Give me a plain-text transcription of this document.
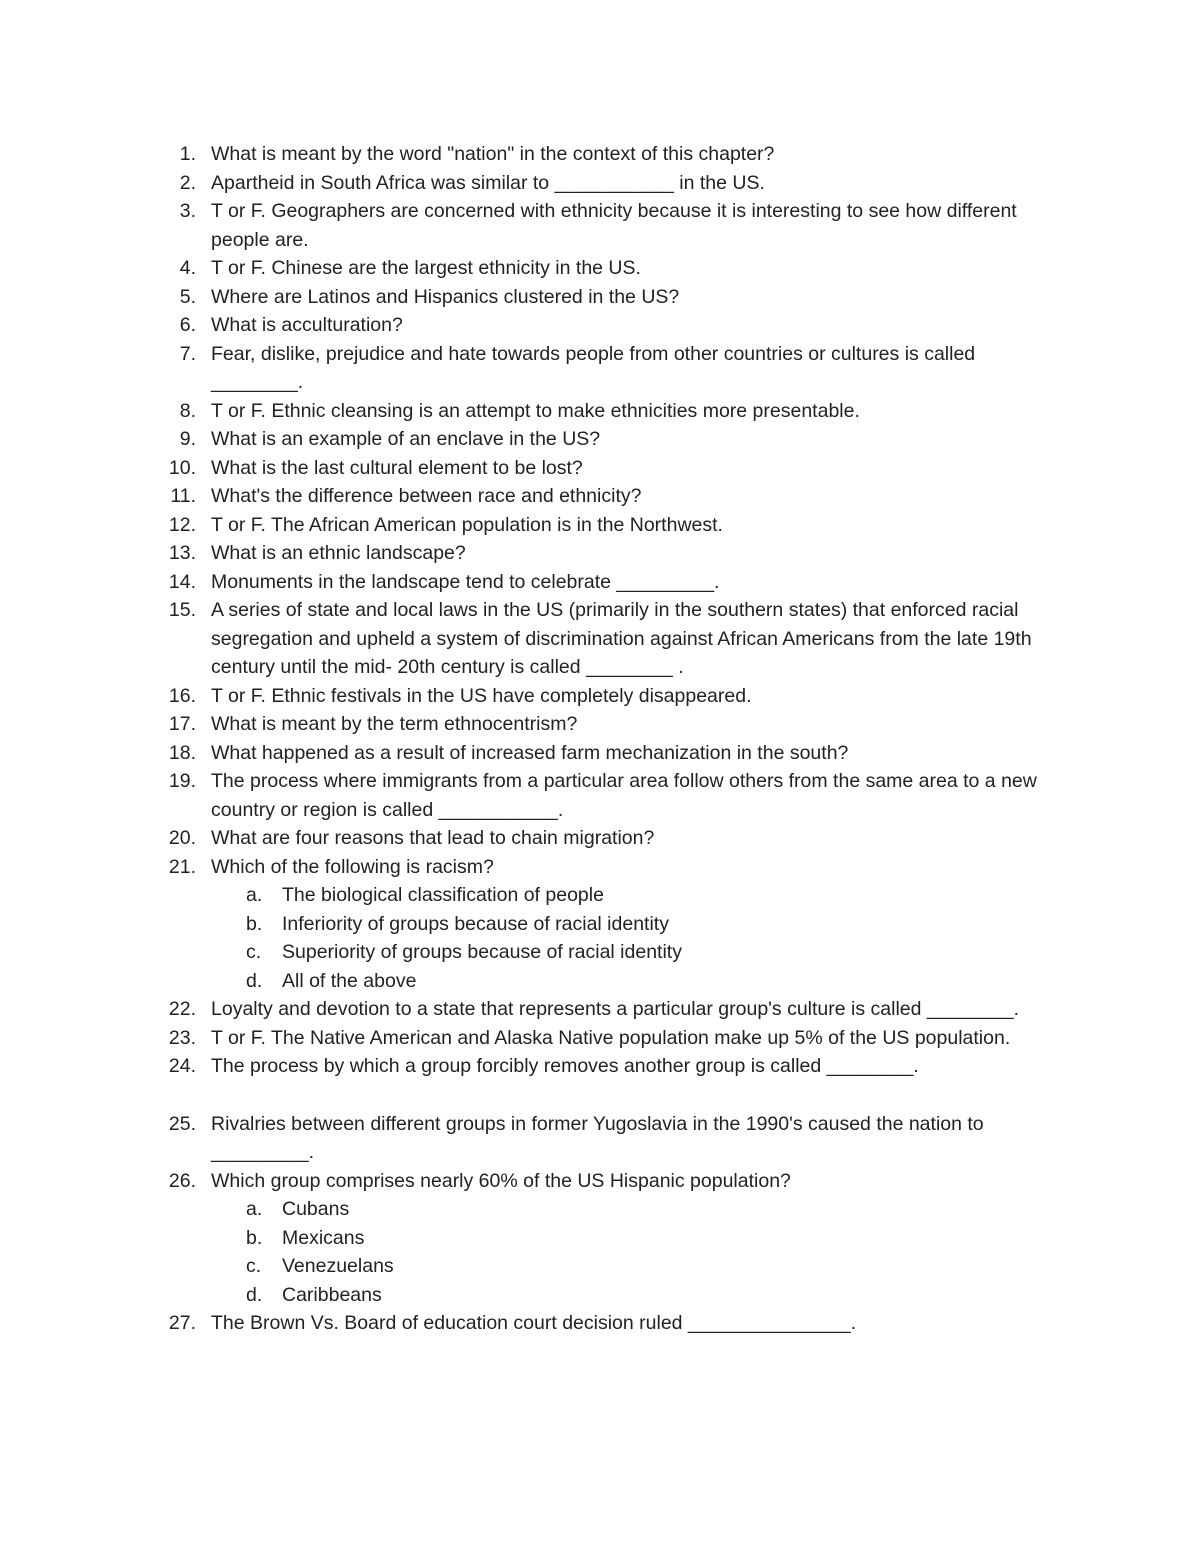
1. What is meant by the word "nation" in the context of this chapter?
2. Apartheid in South Africa was similar to ___________ in the US.
3. T or F. Geographers are concerned with ethnicity because it is interesting to see how different people are.
4. T or F. Chinese are the largest ethnicity in the US.
5. Where are Latinos and Hispanics clustered in the US?
6. What is acculturation?
7. Fear, dislike, prejudice and hate towards people from other countries or cultures is called ________.
8. T or F. Ethnic cleansing is an attempt to make ethnicities more presentable.
9. What is an example of an enclave in the US?
10. What is the last cultural element to be lost?
11. What's the difference between race and ethnicity?
12. T or F. The African American population is in the Northwest.
13. What is an ethnic landscape?
14. Monuments in the landscape tend to celebrate _________.
15. A series of state and local laws in the US (primarily in the southern states) that enforced racial segregation and upheld a system of discrimination against African Americans from the late 19th century until the mid- 20th century is called ________ .
16. T or F. Ethnic festivals in the US have completely disappeared.
17. What is meant by the term ethnocentrism?
18. What happened as a result of increased farm mechanization in the south?
19. The process where immigrants from a particular area follow others from the same area to a new country or region is called ___________.
20. What are four reasons that lead to chain migration?
21. Which of the following is racism?
a. The biological classification of people
b. Inferiority of groups because of racial identity
c. Superiority of groups because of racial identity
d. All of the above
22. Loyalty and devotion to a state that represents a particular group's culture is called ________.
23. T or F. The Native American and Alaska Native population make up 5% of the US population.
24. The process by which a group forcibly removes another group is called ________.
25. Rivalries between different groups in former Yugoslavia in the 1990's caused the nation to _________.
26. Which group comprises nearly 60% of the US Hispanic population?
a. Cubans
b. Mexicans
c. Venezuelans
d. Caribbeans
27. The Brown Vs. Board of education court decision ruled _______________.
